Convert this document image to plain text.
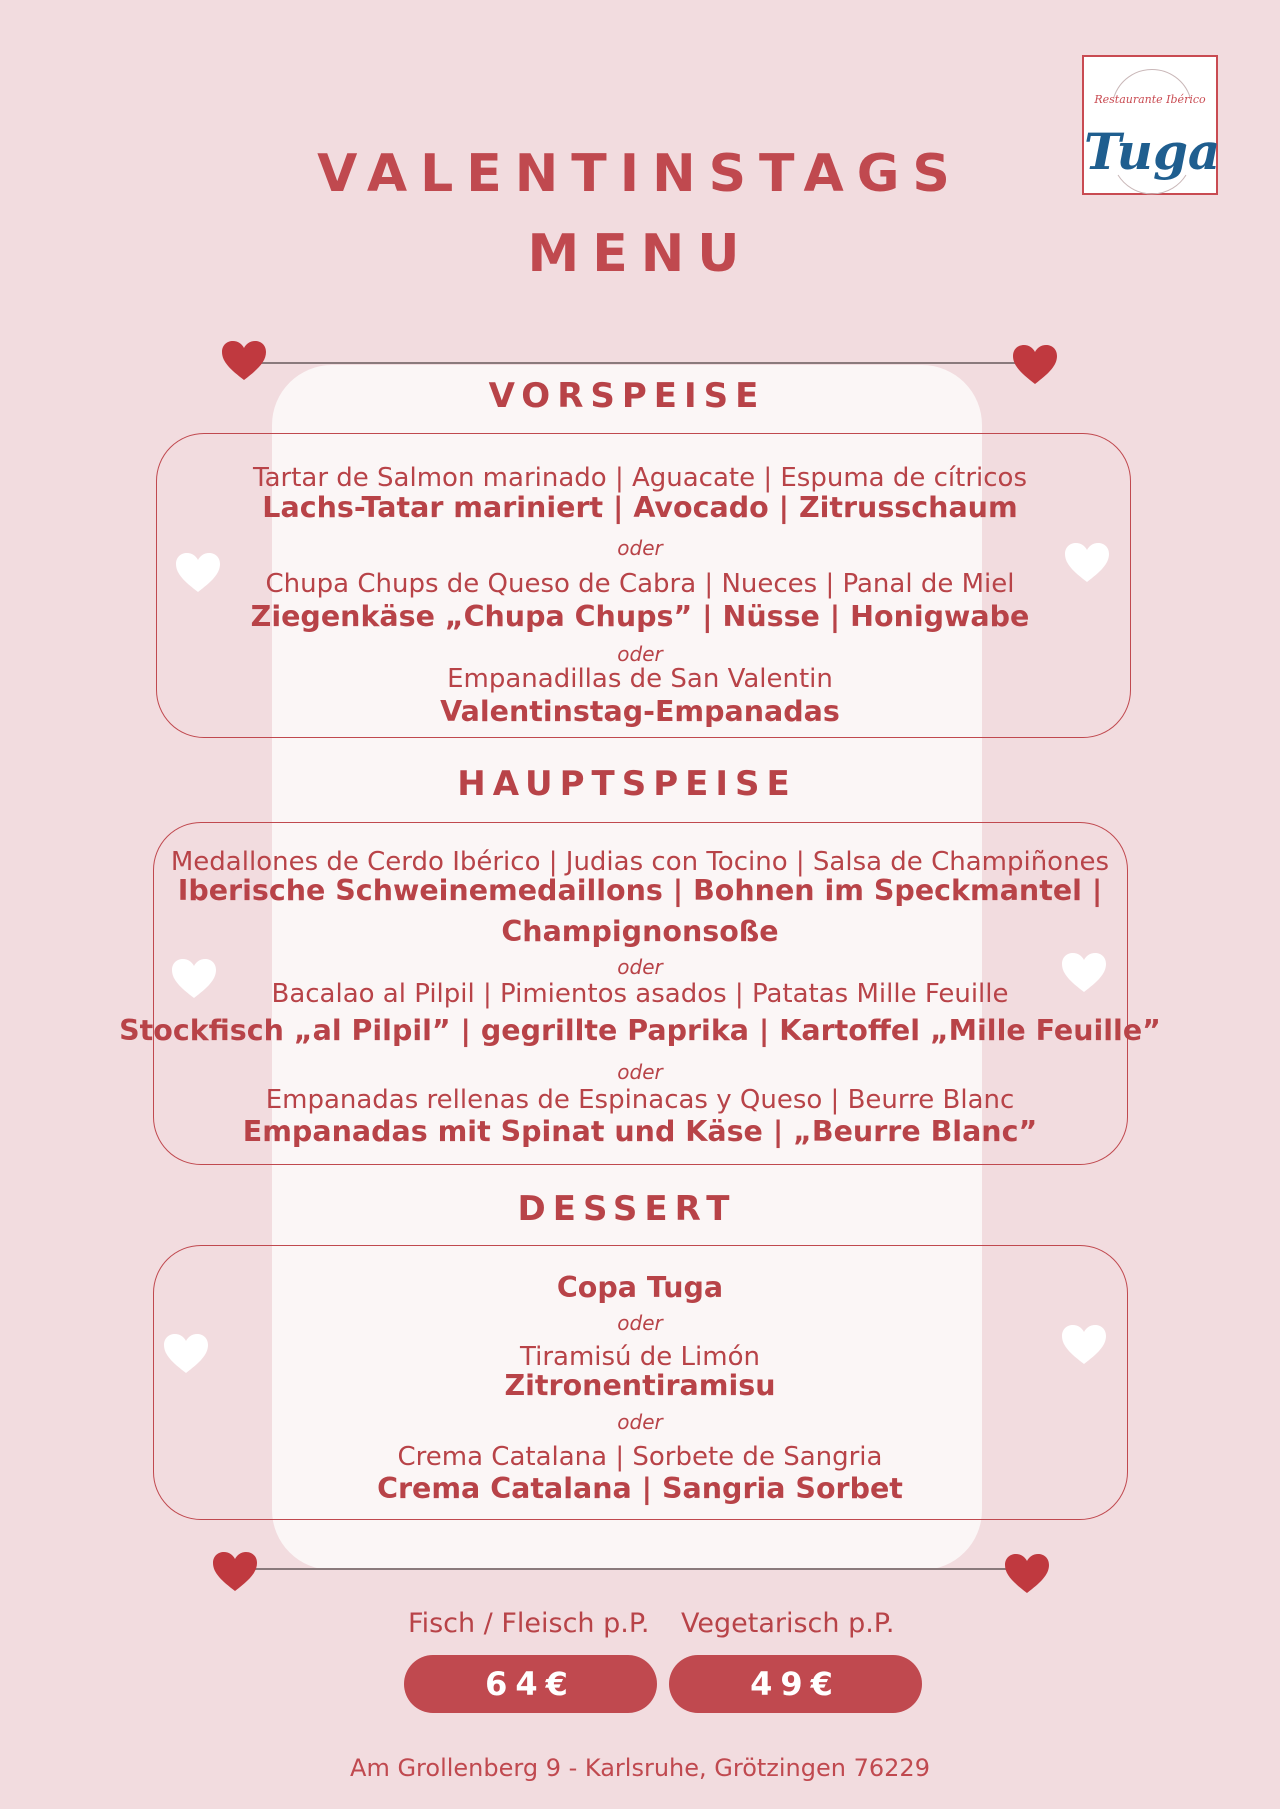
Restaurante Ibérico
Tuga
VALENTINSTAGS
MENU
VORSPEISE
Tartar de Salmon marinado | Aguacate | Espuma de cítricos
Lachs-Tatar mariniert | Avocado | Zitrusschaum
oder
Chupa Chups de Queso de Cabra | Nueces | Panal de Miel
Ziegenkäse „Chupa Chups” | Nüsse | Honigwabe
oder
Empanadillas de San Valentin
Valentinstag-Empanadas
HAUPTSPEISE
Medallones de Cerdo Ibérico | Judias con Tocino | Salsa de Champiñones
Iberische Schweinemedaillons | Bohnen im Speckmantel |
Champignonsoße
oder
Bacalao al Pilpil | Pimientos asados | Patatas Mille Feuille
Stockfisch „al Pilpil” | gegrillte Paprika | Kartoffel „Mille Feuille”
oder
Empanadas rellenas de Espinacas y Queso | Beurre Blanc
Empanadas mit Spinat und Käse | „Beurre Blanc”
DESSERT
Copa Tuga
oder
Tiramisú de Limón
Zitronentiramisu
oder
Crema Catalana | Sorbete de Sangria
Crema Catalana | Sangria Sorbet
Fisch / Fleisch p.P. Vegetarisch p.P.
64€	49€
Am Grollenberg 9 - Karlsruhe, Grötzingen 76229
